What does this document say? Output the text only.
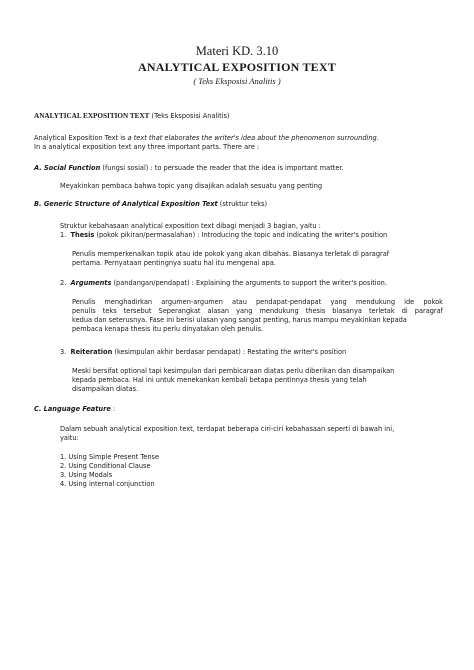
Materi KD. 3.10
ANALYTICAL EXPOSITION TEXT
( Teks Eksposisi Analitis )
ANALYTICAL EXPOSITION TEXT (Teks Eksposisi Analitis)
Analytical Exposition Text is a text that elaborates the writer's idea about the phenomenon surrounding.
In a analytical exposition text any three important parts. There are :
A. Social Function (fungsi sosial) : to persuade the reader that the idea is important matter.
Meyakinkan pembaca bahwa topic yang disajikan adalah sesuatu yang penting
B. Generic Structure of Analytical Exposition Text (struktur teks)
Struktur kebahasaan analytical exposition text dibagi menjadi 3 bagian, yaitu :
1. Thesis (pokok pikiran/permasalahan) : Introducing the topic and indicating the writer's position
Penulis memperkenalkan topik atau ide pokok yang akan dibahas. Biasanya terletak di paragraf
pertama. Pernyataan pentingnya suatu hal itu mengenai apa.
2. Arguments (pandangan/pendapat) : Explaining the arguments to support the writer's position.
Penulis menghadirkan argumen-argumen atau pendapat-pendapat yang mendukung ide pokok
penulis teks tersebut Seperangkat alasan yang mendukung thesis biasanya terletak di paragraf
kedua dan seterusnya. Fase ini berisi ulasan yang sangat penting, harus mampu meyakinkan kepada
pembaca kenapa thesis itu perlu dinyatakan oleh penulis.
3. Reiteration (kesimpulan akhir berdasar pendapat) : Restating the writer's position
Meski bersifat optional tapi kesimpulan dari pembicaraan diatas perlu diberikan dan disampaikan
kepada pembaca. Hal ini untuk menekankan kembali betapa pentinnya thesis yang telah
disampaikan diatas.
C. Language Feature :
Dalam sebuah analytical exposition text, terdapat beberapa ciri-ciri kebahasaan seperti di bawah ini,
yaitu:
1. Using Simple Present Tense
2. Using Conditional Clause
3. Using Modals
4. Using internal conjunction
